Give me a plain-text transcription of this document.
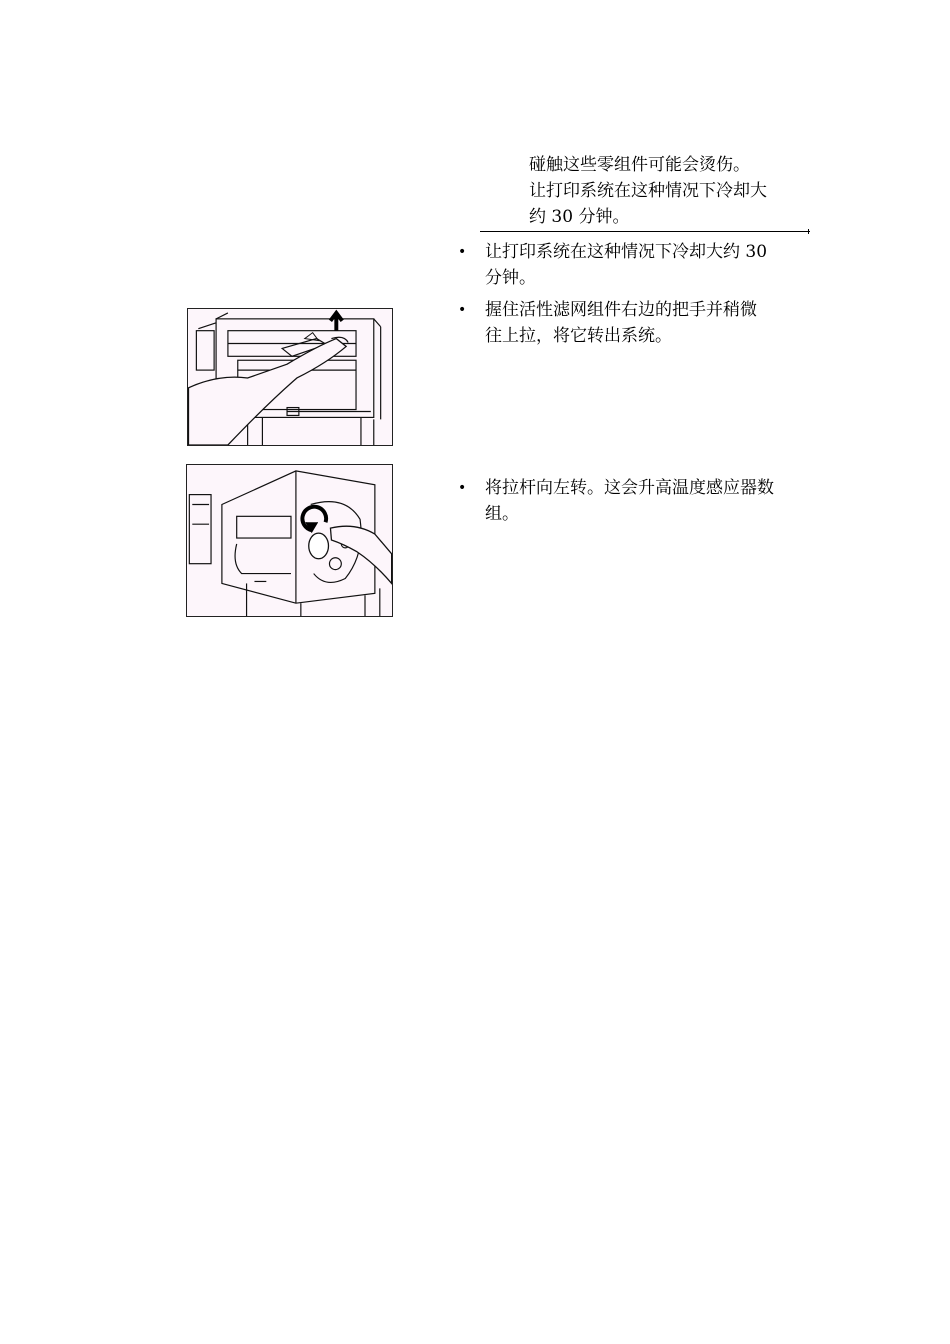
碰触这些零组件可能会烫伤。
让打印系统在这种情况下冷却大
约 30 分钟。
•	让打印系统在这种情况下冷却大约 30
分钟。
•	握住活性滤网组件右边的把手并稍微
往上拉，将它转出系统。
•	将拉杆向左转。这会升高温度感应器数
组。
